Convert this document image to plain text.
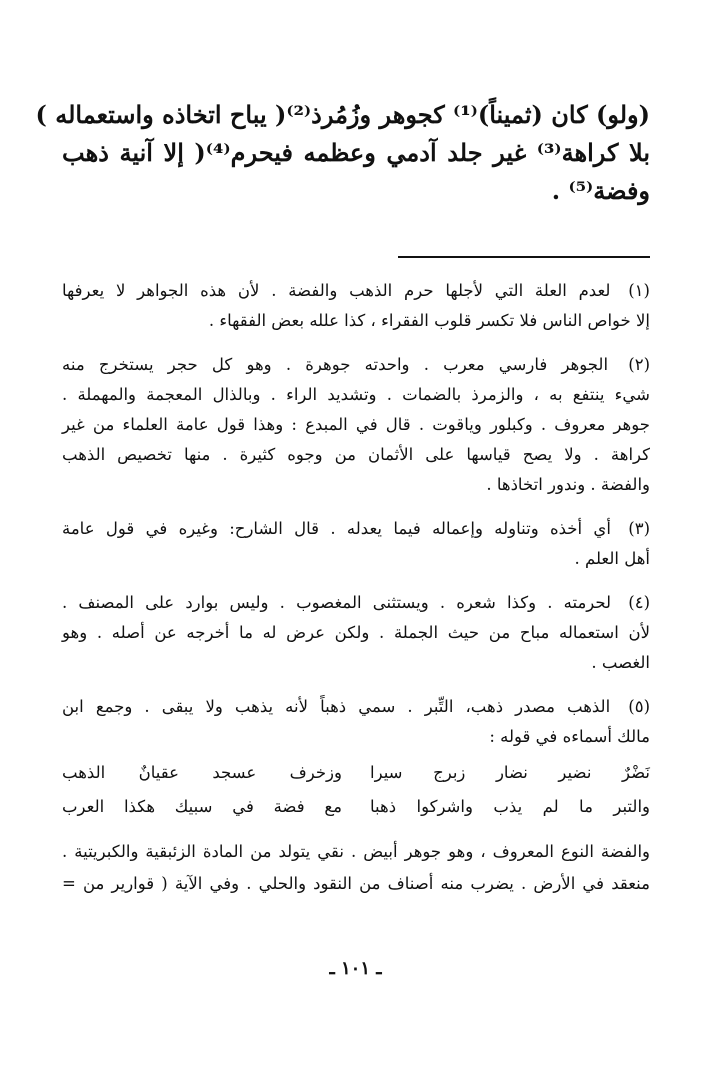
(ولو) كان (ثميناً)⁽¹⁾ كجوهر وزُمُرذ⁽²⁾( يباح اتخاذه واستعماله )
بلا كراهة⁽³⁾ غير جلد آدمي وعظمه فيحرم⁽⁴⁾( إلا آنية ذهب
وفضة⁽⁵⁾ .
(١) لعدم العلة التي لأجلها حرم الذهب والفضة . لأن هذه الجواهر لا يعرفها
إلا خواص الناس فلا تكسر قلوب الفقراء ، كذا علله بعض الفقهاء .
(٢) الجوهر فارسي معرب . واحدته جوهرة . وهو كل حجر يستخرج منه
شيء ينتفع به ، والزمرذ بالضمات . وتشديد الراء . وبالذال المعجمة والمهملة .
جوهر معروف . وكبلور وياقوت . قال في المبدع : وهذا قول عامة العلماء من غير
كراهة . ولا يصح قياسها على الأثمان من وجوه كثيرة . منها تخصيص الذهب
والفضة . وندور اتخاذها .
(٣) أي أخذه وتناوله وإعماله فيما يعدله . قال الشارح: وغيره في قول عامة
أهل العلم .
(٤) لحرمته . وكذا شعره . ويستثنى المغصوب . وليس بوارد على المصنف .
لأن استعماله مباح من حيث الجملة . ولكن عرض له ما أخرجه عن أصله . وهو
الغصب .
(٥) الذهب مصدر ذهب، التِّبر . سمي ذهباً لأنه يذهب ولا يبقى . وجمع ابن
مالك أسماءه في قوله :
نَضْرٌ نضير نضار زبرج سيرا
وزخرف عسجد عقيانٌ الذهب
والتبر ما لم يذب واشركوا ذهبا
مع فضة في سبيك هكذا العرب
والفضة النوع المعروف ، وهو جوهر أبيض . نقي يتولد من المادة الزئبقية والكبريتية .
منعقد في الأرض . يضرب منه أصناف من النقود والحلي . وفي الآية ( قوارير من =
ـ ١٠١ ـ
